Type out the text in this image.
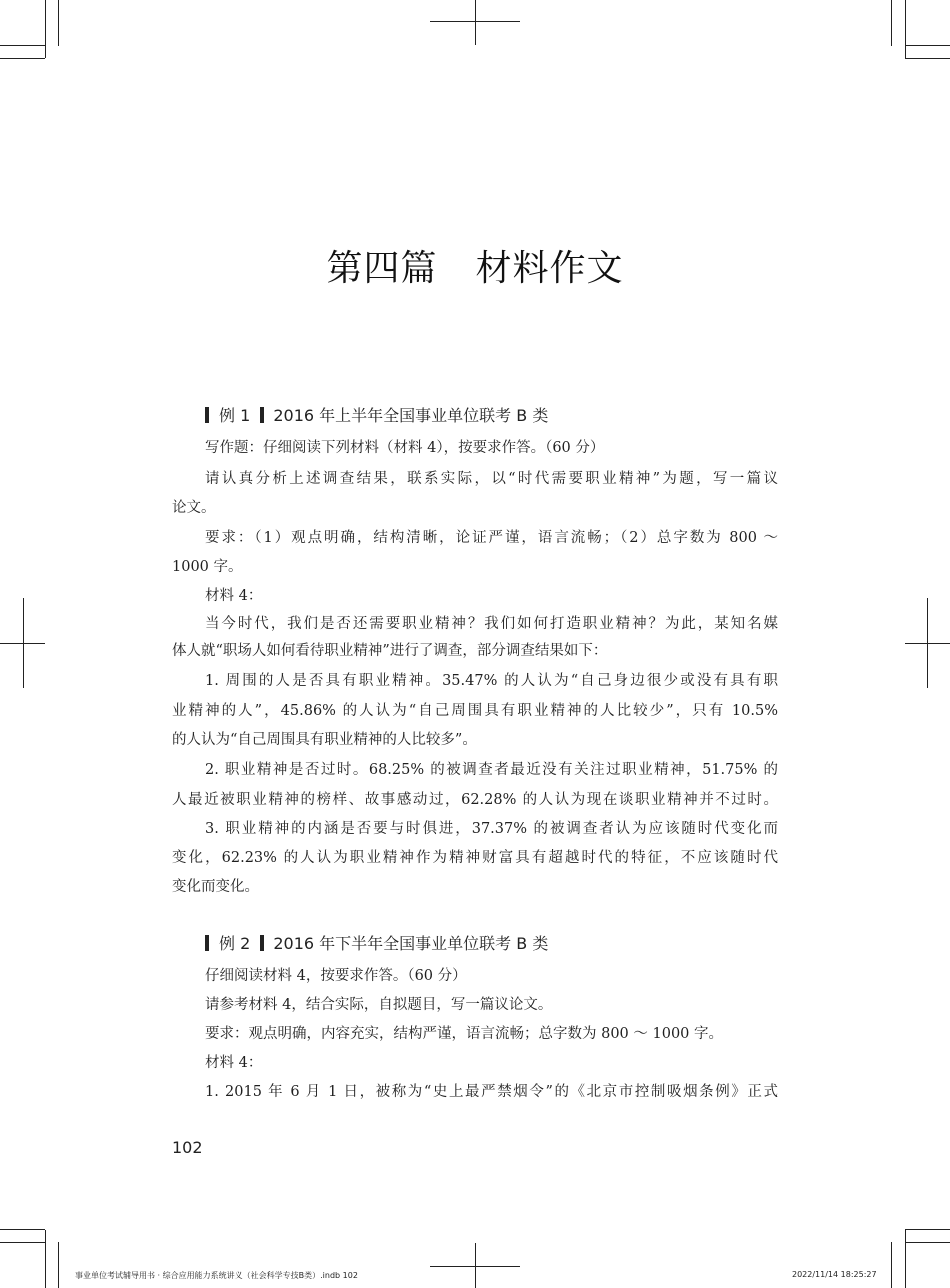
第四篇 材料作文
例 1 2016 年上半年全国事业单位联考 B 类
写作题：仔细阅读下列材料（材料 4），按要求作答。（60 分）
请认真分析上述调查结果，联系实际，以“时代需要职业精神”为题，写一篇议
论文。
要求：（1）观点明确，结构清晰，论证严谨，语言流畅；（2）总字数为 800 ～
1000 字。
材料 4：
当今时代，我们是否还需要职业精神？我们如何打造职业精神？为此，某知名媒
体人就“职场人如何看待职业精神”进行了调查，部分调查结果如下：
1. 周围的人是否具有职业精神。35.47% 的人认为“自己身边很少或没有具有职
业精神的人”，45.86% 的人认为“自己周围具有职业精神的人比较少”，只有 10.5%
的人认为“自己周围具有职业精神的人比较多”。
2. 职业精神是否过时。68.25% 的被调查者最近没有关注过职业精神，51.75% 的
人最近被职业精神的榜样、故事感动过，62.28% 的人认为现在谈职业精神并不过时。
3. 职业精神的内涵是否要与时俱进，37.37% 的被调查者认为应该随时代变化而
变化，62.23% 的人认为职业精神作为精神财富具有超越时代的特征，不应该随时代
变化而变化。
例 2 2016 年下半年全国事业单位联考 B 类
仔细阅读材料 4，按要求作答。（60 分）
请参考材料 4，结合实际，自拟题目，写一篇议论文。
要求：观点明确，内容充实，结构严谨，语言流畅；总字数为 800 ～ 1000 字。
材料 4：
1. 2015 年 6 月 1 日，被称为“史上最严禁烟令”的《北京市控制吸烟条例》正式
102
事业单位考试辅导用书 · 综合应用能力系统讲义（社会科学专技B类）.indb 102	2022/11/14 18:25:27
